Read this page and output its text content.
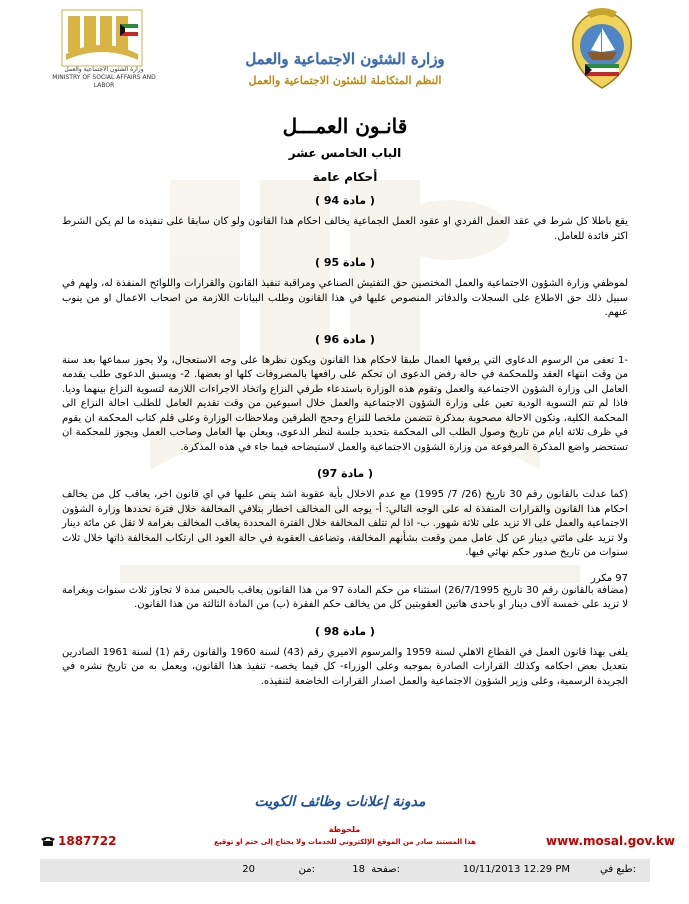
وزارة الشئون الاجتماعية والعمل
MINISTRY OF SOCIAL AFFAIRS AND LABOR
وزارة الشئون الاجتماعية والعمل
النظم المتكاملة للشئون الاجتماعية والعمل
قانـون العمـــل
الباب الخامس عشر
أحكام عامة
( مادة 94 )

يقع باطلا كل شرط في عقد العمل الفردي او عقود العمل الجماعية يخالف احكام هذا القانون ولو كان سابقا على تنفيذه ما لم يكن الشرط اكثر فائدة للعامل.

( مادة 95 )

لموظفي وزارة الشؤون الاجتماعية والعمل المختصين حق التفتيش الصناعي ومراقبة تنفيذ القانون والقرارات واللوائح المنفذة له، ولهم في سبيل ذلك حق الاطلاع على السجلات والدفاتر المنصوص عليها في هذا القانون وطلب البيانات اللازمة من اصحاب الاعمال او من ينوب عنهم.

( مادة 96 )

-1 تعفى من الرسوم الدعاوى التي يرفعها العمال طبقا لاحكام هذا القانون ويكون نظرها على وجه الاستعجال، ولا يجوز سماعها بعد سنة من وقت انتهاء العقد وللمحكمة في حالة رفض الدعوى ان تحكم على رافعها بالمصروفات كلها او بعضها. 2- ويسبق الدعوى طلب يقدمه العامل الى وزارة الشؤون الاجتماعية والعمل وتقوم هذه الوزارة باستدعاء طرفي النزاع واتخاذ الاجراءات اللازمة لتسوية النزاع بينهما وديا. فاذا لم تتم التسوية الودية تعين على وزارة الشؤون الاجتماعية والعمل خلال اسبوعين من وقت تقديم العامل للطلب احالة النزاع الى المحكمة الكلية، وتكون الاحالة مصحوبة بمذكرة تتضمن ملخصا للنزاع وحجج الطرفين وملاحظات الوزارة وعلى قلم كتاب المحكمة ان يقوم في ظرف ثلاثة ايام من تاريخ وصول الطلب الى المحكمة بتحديد جلسة لنظر الدعوى، ويعلن بها العامل وصاحب العمل ويجوز للمحكمة ان تستحضر واضع المذكرة المرفوعة من وزارة الشؤون الاجتماعية والعمل لاستيضاحه فيما جاء في هذه المذكرة.

( مادة 97)

(كما عدلت بالقانون رقم 30 تاريخ (26/ 7/ 1995) مع عدم الاخلال بأية عقوبة اشد ينص عليها في اي قانون اخر، يعاقب كل من يخالف احكام هذا القانون والقرارات المنفذة له على الوجه التالي: أ- يوجه الى المخالف اخطار بتلافي المخالفة خلال فترة تحددها وزارة الشؤون الاجتماعية والعمل على الا تزيد على ثلاثة شهور. ب- اذا لم تتلف المخالفة خلال الفترة المحددة يعاقب المخالف بغرامة لا تقل عن مائة دينار ولا تزيد على مائتي دينار عن كل عامل ممن وقعت بشأنهم المخالفة، وتضاعف العقوبة في حالة العود الى ارتكاب المخالفة ذاتها خلال ثلاث سنوات من تاريخ صدور حكم نهائي فيها.

97 مكرر

(مضافة بالقانون رقم 30 تاريخ 26/7/1995) استثناء من حكم المادة 97 من هذا القانون يعاقب بالحبس مدة لا تجاوز ثلاث سنوات وبغرامة لا تزيد على خمسة آلاف دينار او باحدى هاتين العقوبتين كل من يخالف حكم الفقرة (ب) من المادة الثالثة من هذا القانون.

( مادة 98 )

يلغى بهذا قانون العمل في القطاع الاهلي لسنة 1959 والمرسوم الاميري رقم (43) لسنة 1960 والقانون رقم (1) لسنة 1961 الصادرين بتعديل بعض احكامه وكذلك القرارات الصادرة بموجبه وعلى الوزراء- كل فيما يخصه- تنفيذ هذا القانون، ويعمل به من تاريخ نشره في الجريدة الرسمية، وعلى وزير الشؤون الاجتماعية والعمل اصدار القرارات الخاضعة لتنفيذه.

مدونة إعلانات وظائف الكويت
ملحوظة
هذا المستند صادر من الموقع الإلكتروني للخدمات ولا يحتاج إلى ختم او توقيع	www.mosal.gov.kw
1887722
طبع في:
10/11/2013 12.29 PM
صفحة:
18
من:
20
